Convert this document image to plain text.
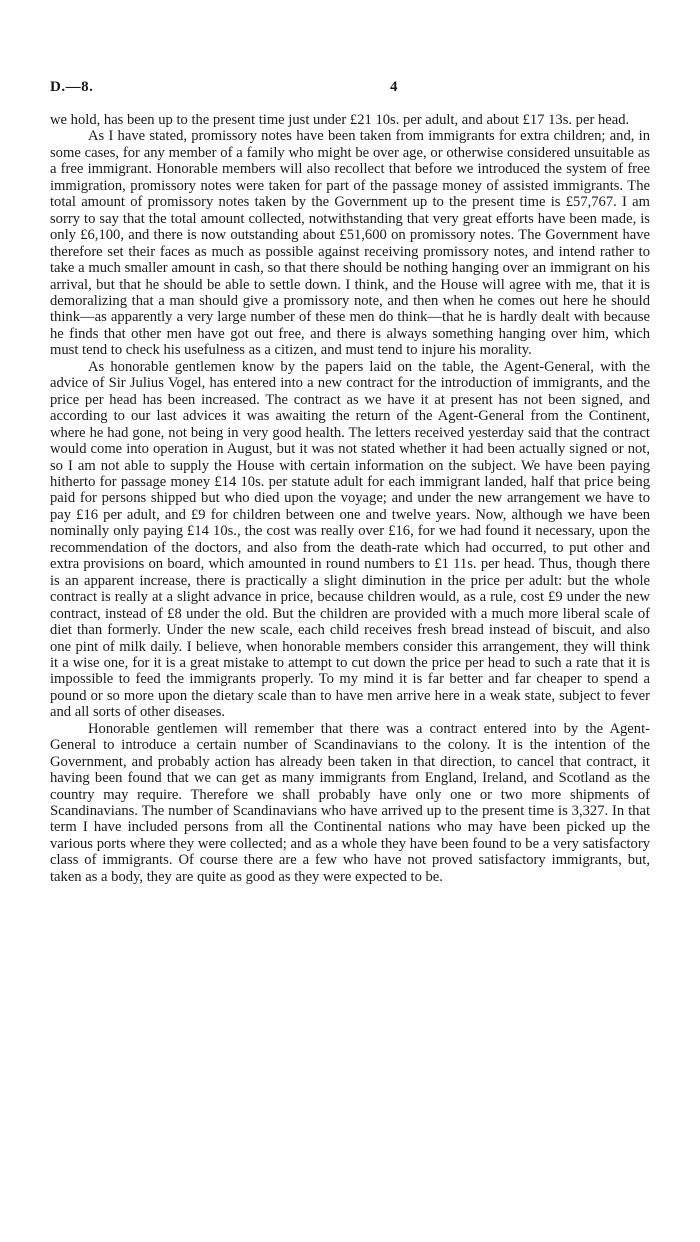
D.—8.	4

we hold, has been up to the present time just under £21 10s. per adult, and about £17 13s. per head.

As I have stated, promissory notes have been taken from immigrants for extra children; and, in some cases, for any member of a family who might be over age, or otherwise considered unsuitable as a free immigrant. Honorable members will also recollect that before we introduced the system of free immigration, promissory notes were taken for part of the passage money of assisted immigrants. The total amount of promissory notes taken by the Government up to the present time is £57,767. I am sorry to say that the total amount collected, notwithstanding that very great efforts have been made, is only £6,100, and there is now outstanding about £51,600 on promissory notes. The Government have therefore set their faces as much as possible against receiving promissory notes, and intend rather to take a much smaller amount in cash, so that there should be nothing hanging over an immigrant on his arrival, but that he should be able to settle down. I think, and the House will agree with me, that it is demoralizing that a man should give a promissory note, and then when he comes out here he should think—as apparently a very large number of these men do think—that he is hardly dealt with because he finds that other men have got out free, and there is always something hanging over him, which must tend to check his usefulness as a citizen, and must tend to injure his morality.

As honorable gentlemen know by the papers laid on the table, the Agent-General, with the advice of Sir Julius Vogel, has entered into a new contract for the introduction of immigrants, and the price per head has been increased. The contract as we have it at present has not been signed, and according to our last advices it was awaiting the return of the Agent-General from the Continent, where he had gone, not being in very good health. The letters received yesterday said that the contract would come into operation in August, but it was not stated whether it had been actually signed or not, so I am not able to supply the House with certain information on the subject. We have been paying hitherto for passage money £14 10s. per statute adult for each immigrant landed, half that price being paid for persons shipped but who died upon the voyage; and under the new arrangement we have to pay £16 per adult, and £9 for children between one and twelve years. Now, although we have been nominally only paying £14 10s., the cost was really over £16, for we had found it necessary, upon the recommendation of the doctors, and also from the death-rate which had occurred, to put other and extra provisions on board, which amounted in round numbers to £1 11s. per head. Thus, though there is an apparent increase, there is practically a slight diminution in the price per adult: but the whole contract is really at a slight advance in price, because children would, as a rule, cost £9 under the new contract, instead of £8 under the old. But the children are provided with a much more liberal scale of diet than formerly. Under the new scale, each child receives fresh bread instead of biscuit, and also one pint of milk daily. I believe, when honorable members consider this arrangement, they will think it a wise one, for it is a great mistake to attempt to cut down the price per head to such a rate that it is impossible to feed the immigrants properly. To my mind it is far better and far cheaper to spend a pound or so more upon the dietary scale than to have men arrive here in a weak state, subject to fever and all sorts of other diseases.

Honorable gentlemen will remember that there was a contract entered into by the Agent-General to introduce a certain number of Scandinavians to the colony. It is the intention of the Government, and probably action has already been taken in that direction, to cancel that contract, it having been found that we can get as many immigrants from England, Ireland, and Scotland as the country may require. Therefore we shall probably have only one or two more shipments of Scandinavians. The number of Scandinavians who have arrived up to the present time is 3,327. In that term I have included persons from all the Continental nations who may have been picked up the various ports where they were collected; and as a whole they have been found to be a very satisfactory class of immigrants. Of course there are a few who have not proved satisfactory immigrants, but, taken as a body, they are quite as good as they were expected to be.
